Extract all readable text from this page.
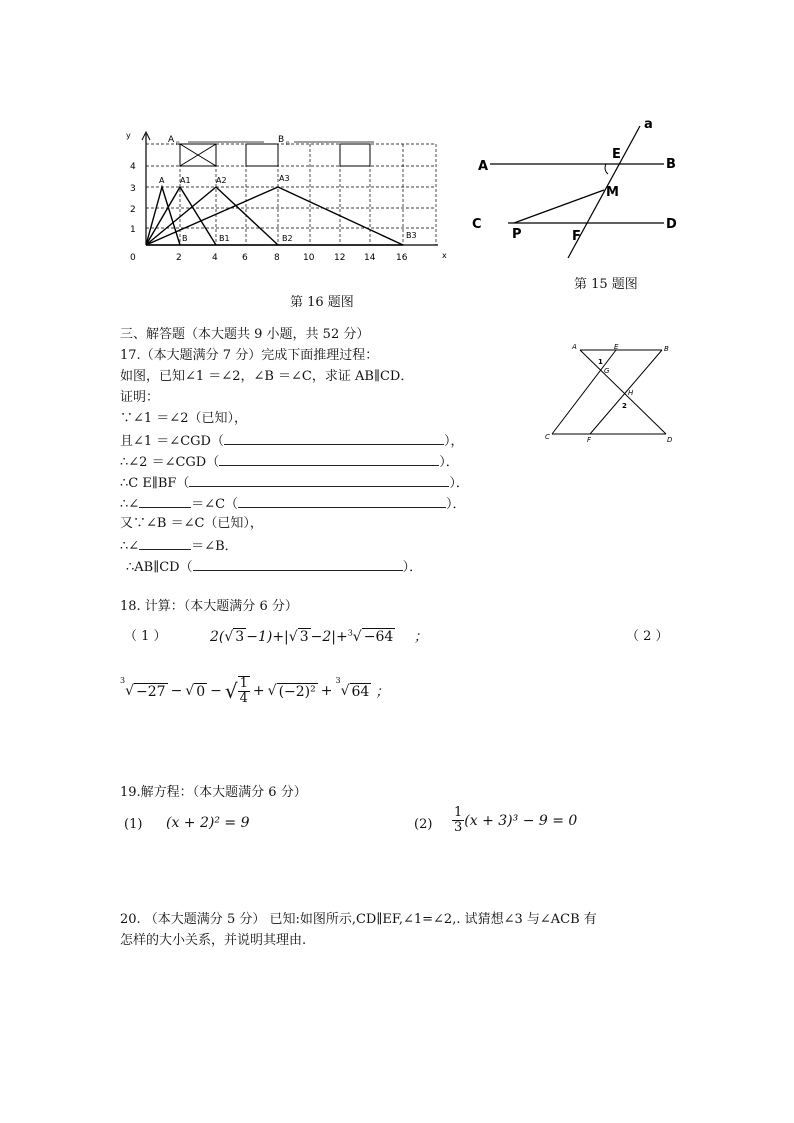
y
x
0
1
2
3
4
2	4	6	8	10 12 14 16
A n	B n
A A1	A2	A3
B	B1	B2	B3
第 16 题图
a
A	B
E
M
C	D
P	F
第 15 题图
A	E	B
G
H
C	F	D
1
2
三、解答题（本大题共 9 小题，共 52 分）
17.（本大题满分 7 分）完成下面推理过程：
如图，已知∠1 ＝∠2，∠B ＝∠C，求证 AB∥CD．
证明：
∵∠1 ＝∠2（已知），
且∠1 ＝∠CGD（	），
∴∠2 ＝∠CGD（	）．
∴C E∥BF（	）．
∴∠	＝∠C（	）．
又∵∠B ＝∠C（已知），
∴∠	＝∠B．
∴AB∥CD（	）．
18. 计算：（本大题满分 6 分）
（ 1 ）	2(√ 3 −1)+|√ 3 −2|+$^3$√ −64 ；	（ 2 ）
3
√ −27 − √ 0 − √ $\frac{1}{4}$ + √ (−2)² +
$^3$
√ 64 ；
19.解方程：（本大题满分 6 分）
(1) (x + 2)² = 9	$(2) \frac{1}{3} (x + 3)^3 - 9 = 0$
20. （本大题满分 5 分） 已知:如图所示,CD∥EF,∠1=∠2,. 试猜想∠3 与∠ACB 有
怎样的大小关系，并说明其理由.
